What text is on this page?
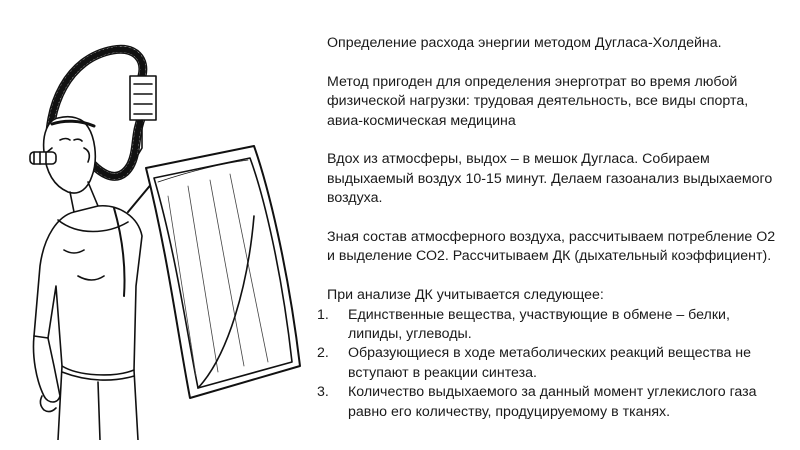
Определение расхода энергии методом Дугласа-Холдейна.

Метод пригоден для определения энерготрат во время любой физической нагрузки: трудовая деятельность, все виды спорта, авиа-космическая медицина

Вдох из атмосферы, выдох – в мешок Дугласа. Собираем выдыхаемый воздух 10-15 минут. Делаем газоанализ выдыхаемого воздуха.

Зная состав атмосферного воздуха, рассчитываем потребление О2 и выделение СО2. Рассчитываем ДК (дыхательный коэффициент).

При анализе ДК учитывается следующее:

1.	Единственные вещества, участвующие в обмене – белки, липиды, углеводы.
2.	Образующиеся в ходе метаболических реакций вещества не вступают в реакции синтеза.
3.	Количество выдыхаемого за данный момент углекислого газа равно его количеству, продуцируемому в тканях.
